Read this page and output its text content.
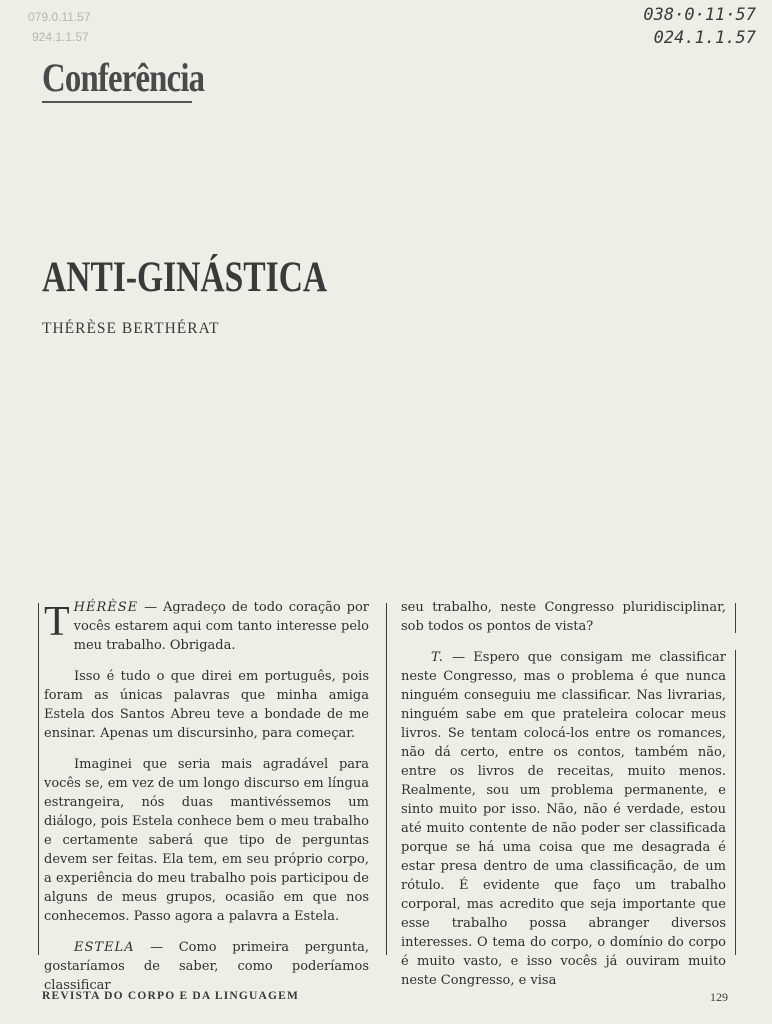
079.0.11.57
924.1.1.57
038·0·11·57
024.1.1.57
Conferência
ANTI-GINÁSTICA
THÉRÈSE BERTHÉRAT

THÉRÈSE — Agradeço de todo coração por vocês estarem aqui com tanto interesse pelo meu trabalho. Obrigada.

Isso é tudo o que direi em português, pois foram as únicas palavras que minha amiga Estela dos Santos Abreu teve a bondade de me ensinar. Apenas um discursinho, para começar.

Imaginei que seria mais agradável para vocês se, em vez de um longo discurso em língua estrangeira, nós duas mantivéssemos um diálogo, pois Estela conhece bem o meu trabalho e certamente saberá que tipo de perguntas devem ser feitas. Ela tem, em seu próprio corpo, a experiência do meu trabalho pois participou de alguns de meus grupos, ocasião em que nos conhecemos. Passo agora a palavra a Estela.

ESTELA — Como primeira pergunta, gostaríamos de saber, como poderíamos classificar

seu trabalho, neste Congresso pluridisciplinar, sob todos os pontos de vista?

T. — Espero que consigam me classificar neste Congresso, mas o problema é que nunca ninguém conseguiu me classificar. Nas livrarias, ninguém sabe em que prateleira colocar meus livros. Se tentam colocá-los entre os romances, não dá certo, entre os contos, também não, entre os livros de receitas, muito menos. Realmente, sou um problema permanente, e sinto muito por isso. Não, não é verdade, estou até muito contente de não poder ser classificada porque se há uma coisa que me desagrada é estar presa dentro de uma classificação, de um rótulo. É evidente que faço um trabalho corporal, mas acredito que seja importante que esse trabalho possa abranger diversos interesses. O tema do corpo, o domínio do corpo é muito vasto, e isso vocês já ouviram muito neste Congresso, e visa

REVISTA DO CORPO E DA LINGUAGEM	129
